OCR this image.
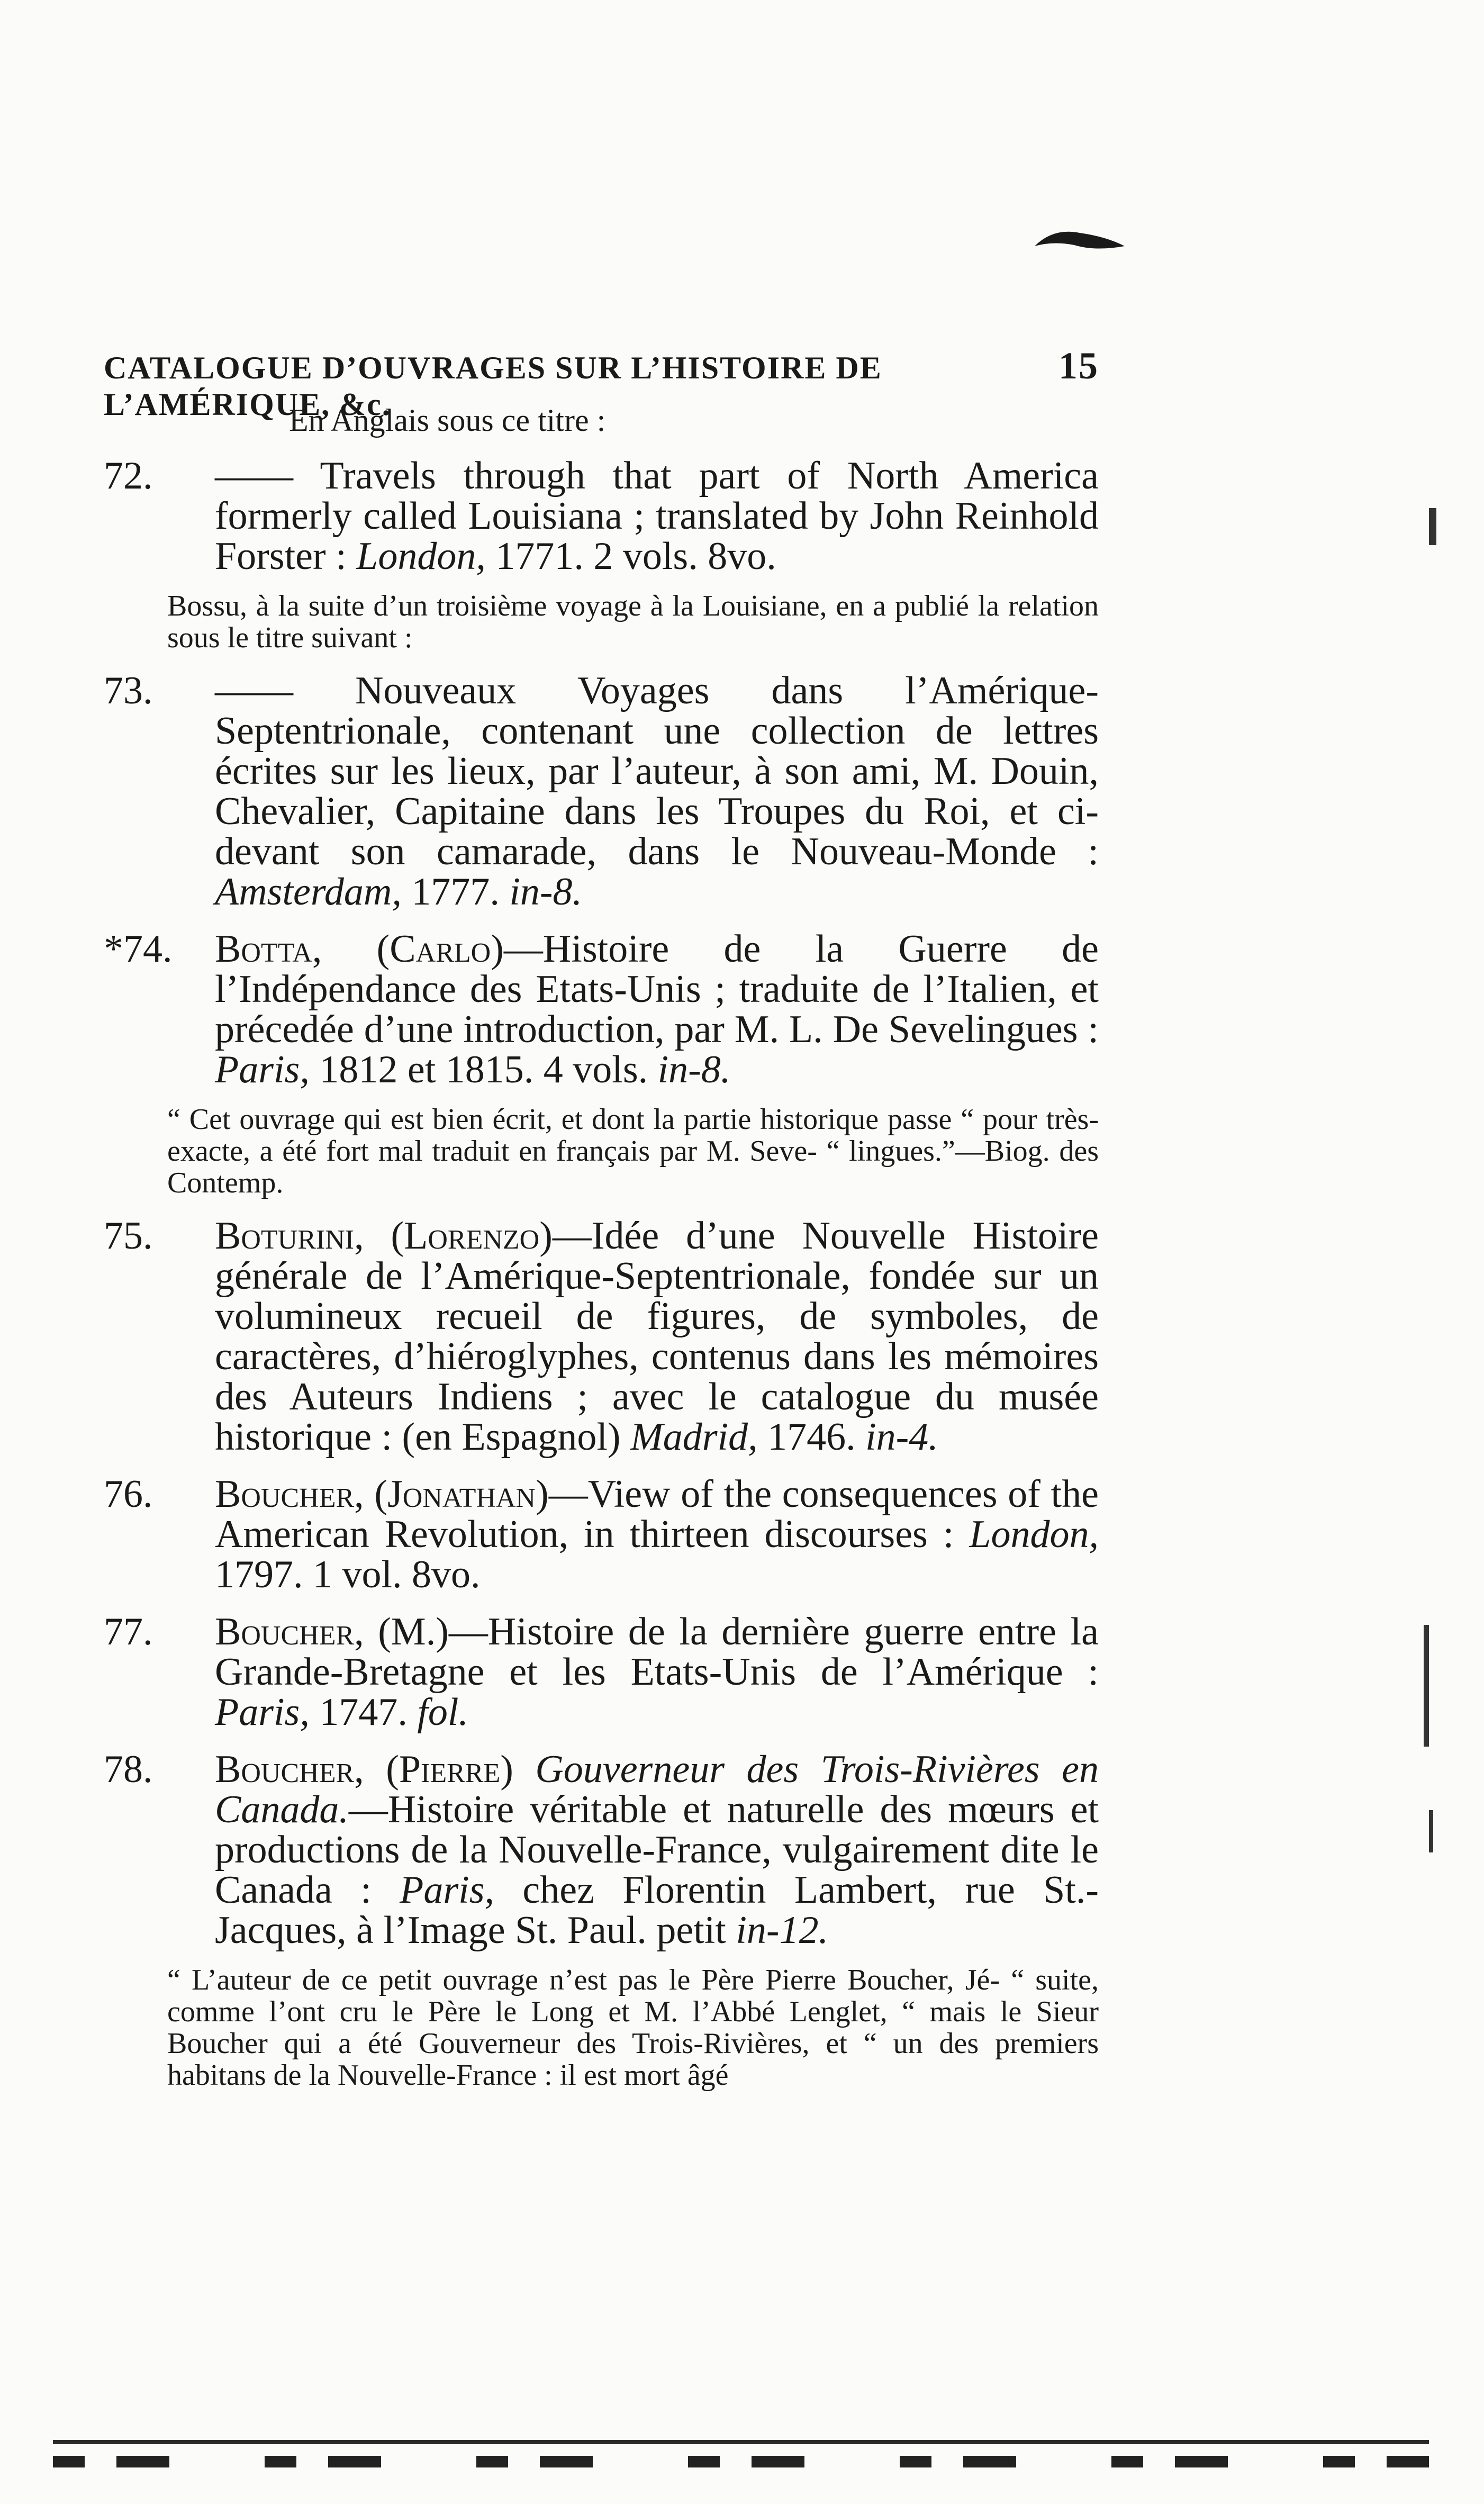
CATALOGUE D’OUVRAGES SUR L’HISTOIRE DE L’AMÉRIQUE, &c.
15
En Anglais sous ce titre :
72.	—— Travels through that part of North America formerly called Louisiana ; translated by John Reinhold Forster : London, 1771. 2 vols. 8vo.
Bossu, à la suite d’un troisième voyage à la Louisiane, en a publié la relation sous le titre suivant :
73.	—— Nouveaux Voyages dans l’Amérique-Septentrionale, contenant une collection de lettres écrites sur les lieux, par l’auteur, à son ami, M. Douin, Chevalier, Capitaine dans les Troupes du Roi, et ci-devant son camarade, dans le Nouveau-Monde : Amsterdam, 1777. in-8.
*74.	Botta, (Carlo)—Histoire de la Guerre de l’Indépendance des Etats-Unis ; traduite de l’Italien, et précedée d’une introduction, par M. L. De Sevelingues : Paris, 1812 et 1815. 4 vols. in-8.
“ Cet ouvrage qui est bien écrit, et dont la partie historique passe “ pour très-exacte, a été fort mal traduit en français par M. Seve- “ lingues.”—Biog. des Contemp.
75.	Boturini, (Lorenzo)—Idée d’une Nouvelle Histoire générale de l’Amérique-Septentrionale, fondée sur un volumineux recueil de figures, de symboles, de caractères, d’hiéroglyphes, contenus dans les mémoires des Auteurs Indiens ; avec le catalogue du musée historique : (en Espagnol) Madrid, 1746. in-4.
76.	Boucher, (Jonathan)—View of the consequences of the American Revolution, in thirteen discourses : London, 1797. 1 vol. 8vo.
77.	Boucher, (M.)—Histoire de la dernière guerre entre la Grande-Bretagne et les Etats-Unis de l’Amérique : Paris, 1747. fol.
78.	Boucher, (Pierre) Gouverneur des Trois-Rivières en Canada.—Histoire véritable et naturelle des mœurs et productions de la Nouvelle-France, vulgairement dite le Canada : Paris, chez Florentin Lambert, rue St.-Jacques, à l’Image St. Paul. petit in-12.
“ L’auteur de ce petit ouvrage n’est pas le Père Pierre Boucher, Jé- “ suite, comme l’ont cru le Père le Long et M. l’Abbé Lenglet, “ mais le Sieur Boucher qui a été Gouverneur des Trois-Rivières, et “ un des premiers habitans de la Nouvelle-France : il est mort âgé
